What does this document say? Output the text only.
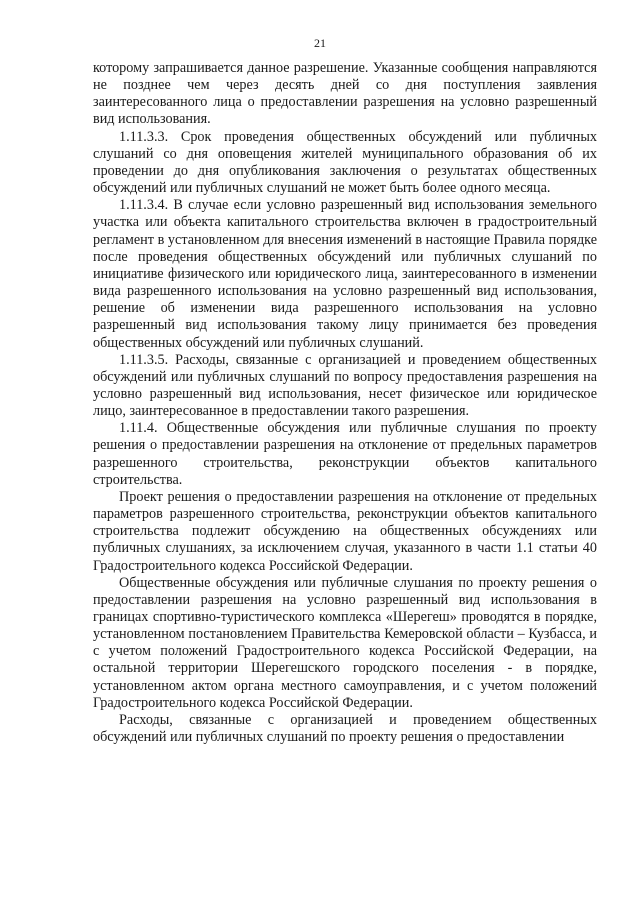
21

которому запрашивается данное разрешение. Указанные сообщения направляются не позднее чем через десять дней со дня поступления заявления заинтересованного лица о предоставлении разрешения на условно разрешенный вид использования.

1.11.3.3. Срок проведения общественных обсуждений или публичных слушаний со дня оповещения жителей муниципального образования об их проведении до дня опубликования заключения о результатах общественных обсуждений или публичных слушаний не может быть более одного месяца.

1.11.3.4. В случае если условно разрешенный вид использования земельного участка или объекта капитального строительства включен в градостроительный регламент в установленном для внесения изменений в настоящие Правила порядке после проведения общественных обсуждений или публичных слушаний по инициативе физического или юридического лица, заинтересованного в изменении вида разрешенного использования на условно разрешенный вид использования, решение об изменении вида разрешенного использования на условно разрешенный вид использования такому лицу принимается без проведения общественных обсуждений или публичных слушаний.

1.11.3.5. Расходы, связанные с организацией и проведением общественных обсуждений или публичных слушаний по вопросу предоставления разрешения на условно разрешенный вид использования, несет физическое или юридическое лицо, заинтересованное в предоставлении такого разрешения.

1.11.4. Общественные обсуждения или публичные слушания по проекту решения о предоставлении разрешения на отклонение от предельных параметров разрешенного строительства, реконструкции объектов капитального строительства.

Проект решения о предоставлении разрешения на отклонение от предельных параметров разрешенного строительства, реконструкции объектов капитального строительства подлежит обсуждению на общественных обсуждениях или публичных слушаниях, за исключением случая, указанного в части 1.1 статьи 40 Градостроительного кодекса Российской Федерации.

Общественные обсуждения или публичные слушания по проекту решения о предоставлении разрешения на условно разрешенный вид использования в границах спортивно-туристического комплекса «Шерегеш» проводятся в порядке, установленном постановлением Правительства Кемеровской области – Кузбасса, и с учетом положений Градостроительного кодекса Российской Федерации, на остальной территории Шерегешского городского поселения - в порядке, установленном актом органа местного самоуправления, и с учетом положений Градостроительного кодекса Российской Федерации.

Расходы, связанные с организацией и проведением общественных обсуждений или публичных слушаний по проекту решения о предоставлении
